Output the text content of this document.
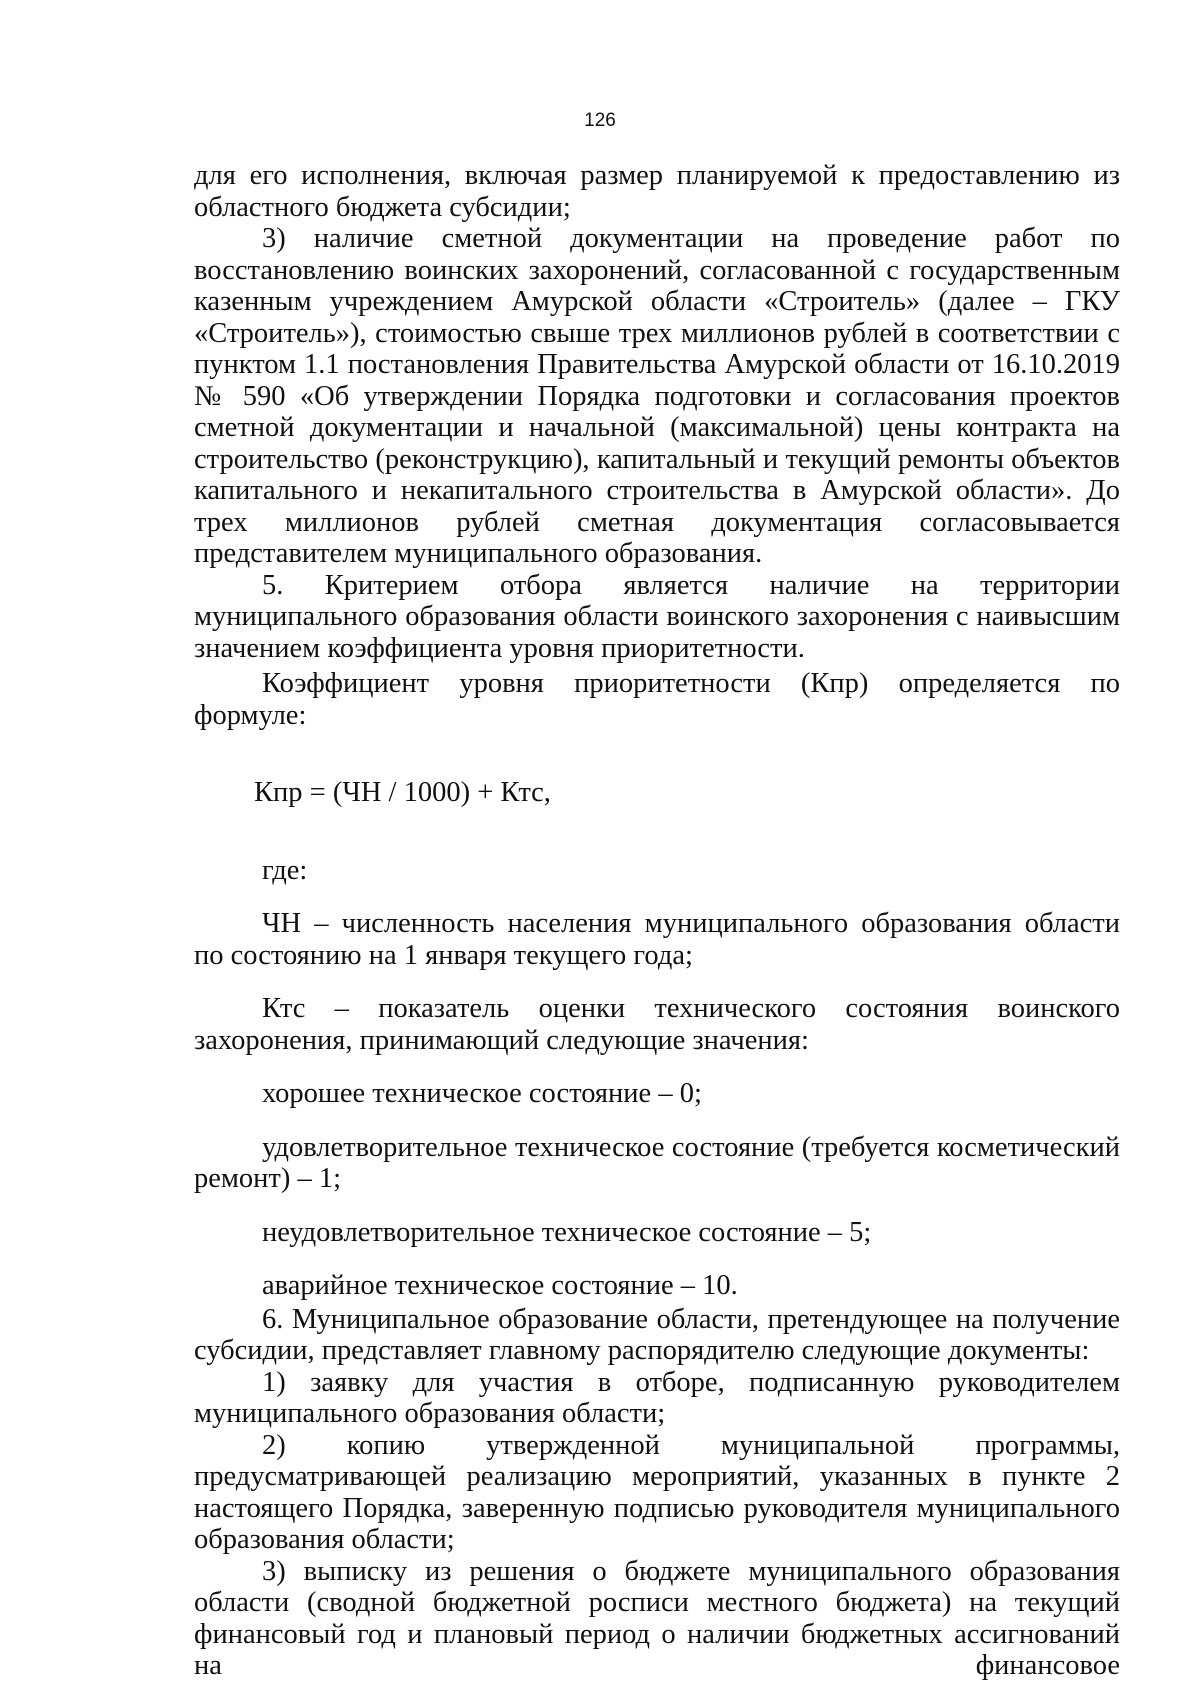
126

для его исполнения, включая размер планируемой к предоставлению из областного бюджета субсидии;

3) наличие сметной документации на проведение работ по восстановлению воинских захоронений, согласованной с государственным казенным учреждением Амурской области «Строитель» (далее – ГКУ «Строитель»), стоимостью свыше трех миллионов рублей в соответствии с пунктом 1.1 постановления Правительства Амурской области от 16.10.2019 № 590 «Об утверждении Порядка подготовки и согласования проектов сметной документации и начальной (максимальной) цены контракта на строительство (реконструкцию), капитальный и текущий ремонты объектов капитального и некапитального строительства в Амурской области». До трех миллионов рублей сметная документация согласовывается представителем муниципального образования.

5. Критерием отбора является наличие на территории муниципального образования области воинского захоронения с наивысшим значением коэффициента уровня приоритетности.

Коэффициент уровня приоритетности (Кпр) определяется по формуле:

Кпр = (ЧН / 1000) + Ктс,

где:

ЧН – численность населения муниципального образования области по состоянию на 1 января текущего года;

Ктс – показатель оценки технического состояния воинского захоронения, принимающий следующие значения:

хорошее техническое состояние – 0;

удовлетворительное техническое состояние (требуется косметический ремонт) – 1;

неудовлетворительное техническое состояние – 5;

аварийное техническое состояние – 10.

6. Муниципальное образование области, претендующее на получение субсидии, представляет главному распорядителю следующие документы:

1) заявку для участия в отборе, подписанную руководителем муниципального образования области;

2) копию утвержденной муниципальной программы, предусматривающей реализацию мероприятий, указанных в пункте 2 настоящего Порядка, заверенную подписью руководителя муниципального образования области;

3) выписку из решения о бюджете муниципального образования области (сводной бюджетной росписи местного бюджета) на текущий финансовый год и плановый период о наличии бюджетных ассигнований на финансовое
